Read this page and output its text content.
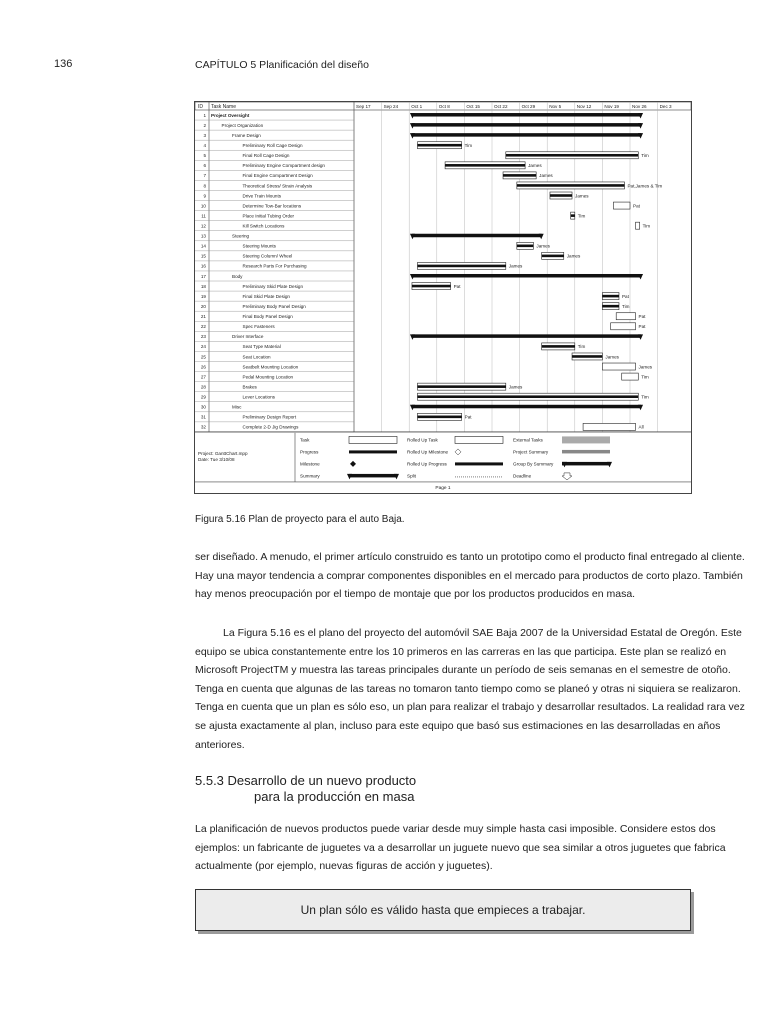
136	CAPÍTULO 5 Planificación del diseño
ID Task Name	Sep 17	Sep 24	Oct 1	Oct 8	Oct 15	Oct 22	Oct 29	Nov 5	Nov 12	Nov 19	Nov 26	Dec 3
1 Project Oversight
2	Project Organization
3	Frame Design
4	Preliminary Roll Cage Design	Tim
5	Final Roll Cage Design	Tim
6	Preliminary Engine Compartment design	James
7	Final Engine Compartment Design	James
8	Theoretical Stress/ Strain Analysis	Pat,James & Tim
9	Drive Train Mounts	James
10	Determine Tow-Bar locations	Pat
11	Place Initial Tubing Order	Tim
12	Kill Switch Locations	Tim
13	Steering
14	Steering Mounts	James
15	Steering Column/ Wheel	James
16	Research Parts For Purchasing	James
17	Body
18	Preliminary Skid Plate Design	Pat
19	Final Skid Plate Design	Pat
20	Preliminary Body Panel Design	Tim
21	Final Body Panel Design	Pat
22	Spec Fasteners	Pat
23	Driver Interface
24	Seat Type Material	Tim
25	Seat Location	James
26	Seatbelt Mounting Location	James
27	Pedal Mounting Location	Tim
28	Brakes	James
29	Lever Locations	Tim
30	Misc
31	Preliminary Design Report	Pat
32	Complete 2-D Jig Drawings	All
Project: GanttChart.mpp
Date: Tue 3/10/08
Task
Progress
Milestone
Summary
Rolled Up Task
Rolled Up Milestone
Rolled Up Progress
Split
External Tasks
Project Summary
Group By Summary
Deadline
Page 1
Figura 5.16 Plan de proyecto para el auto Baja.

ser diseñado. A menudo, el primer artículo construido es tanto un prototipo como el producto final entregado al cliente. Hay una mayor tendencia a comprar componentes disponibles en el mercado para productos de corto plazo. También hay menos preocupación por el tiempo de montaje que por los productos producidos en masa.

La Figura 5.16 es el plano del proyecto del automóvil SAE Baja 2007 de la Universidad Estatal de Oregón. Este equipo se ubica constantemente entre los 10 primeros en las carreras en las que participa. Este plan se realizó en Microsoft ProjectTM y muestra las tareas principales durante un período de seis semanas en el semestre de otoño. Tenga en cuenta que algunas de las tareas no tomaron tanto tiempo como se planeó y otras ni siquiera se realizaron. Tenga en cuenta que un plan es sólo eso, un plan para realizar el trabajo y desarrollar resultados. La realidad rara vez se ajusta exactamente al plan, incluso para este equipo que basó sus estimaciones en las desarrolladas en años anteriores.

5.5.3 Desarrollo de un nuevo producto
para la producción en masa

La planificación de nuevos productos puede variar desde muy simple hasta casi imposible. Considere estos dos ejemplos: un fabricante de juguetes va a desarrollar un juguete nuevo que sea similar a otros juguetes que fabrica actualmente (por ejemplo, nuevas figuras de acción y juguetes).

Un plan sólo es válido hasta que empieces a trabajar.
